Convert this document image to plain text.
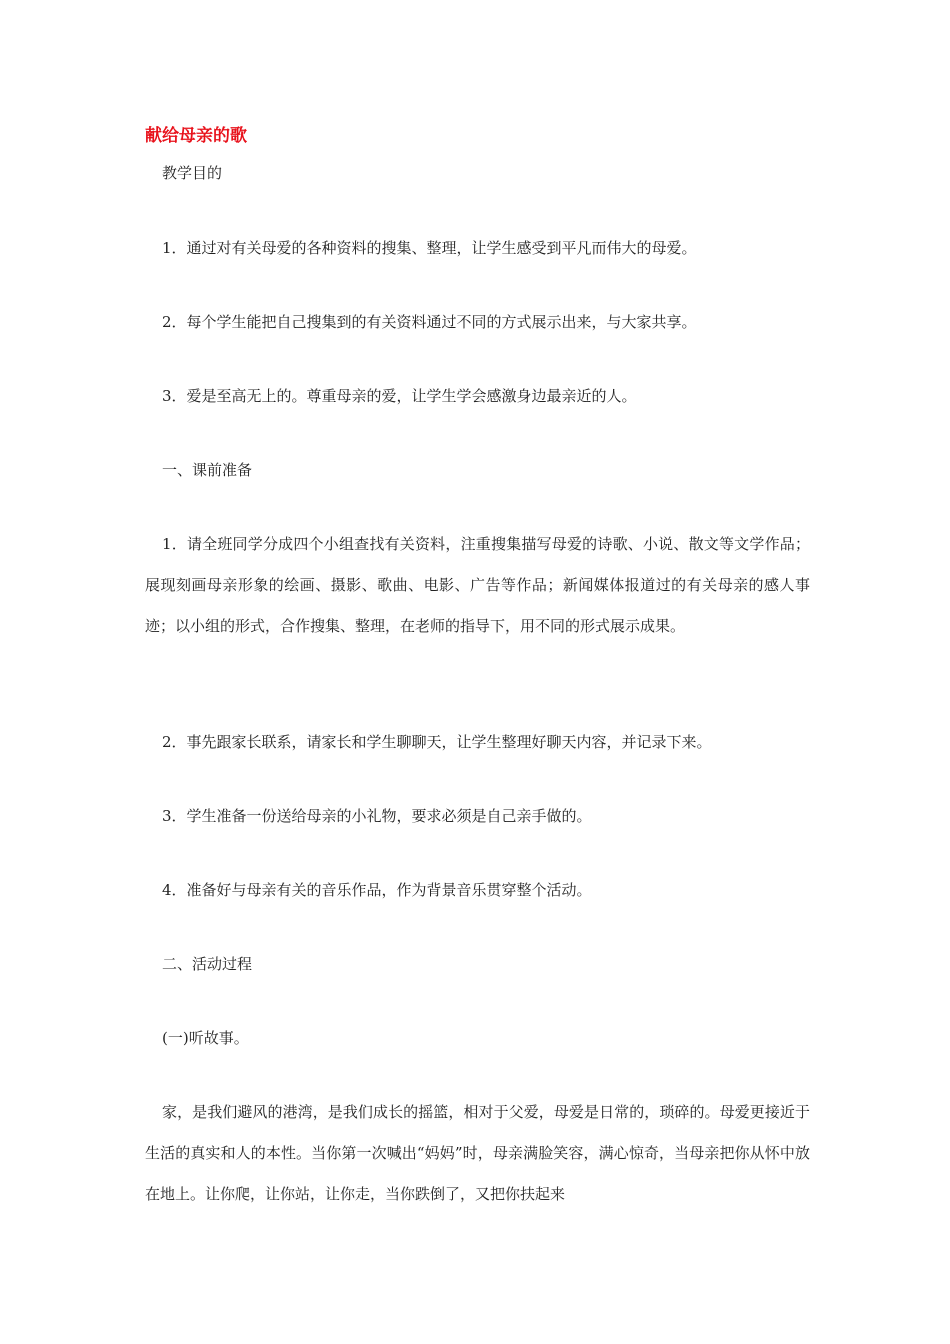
献给母亲的歌

教学目的

1．通过对有关母爱的各种资料的搜集、整理，让学生感受到平凡而伟大的母爱。

2．每个学生能把自己搜集到的有关资料通过不同的方式展示出来，与大家共享。

3．爱是至高无上的。尊重母亲的爱，让学生学会感激身边最亲近的人。

一、课前准备

1．请全班同学分成四个小组查找有关资料，注重搜集描写母爱的诗歌、小说、散文等文学作品；展现刻画母亲形象的绘画、摄影、歌曲、电影、广告等作品；新闻媒体报道过的有关母亲的感人事迹；以小组的形式，合作搜集、整理，在老师的指导下，用不同的形式展示成果。

2．事先跟家长联系，请家长和学生聊聊天，让学生整理好聊天内容，并记录下来。

3．学生准备一份送给母亲的小礼物，要求必须是自己亲手做的。

4．准备好与母亲有关的音乐作品，作为背景音乐贯穿整个活动。

二、活动过程

(一)听故事。

家，是我们避风的港湾，是我们成长的摇篮，相对于父爱，母爱是日常的，琐碎的。母爱更接近于生活的真实和人的本性。当你第一次喊出“妈妈”时，母亲满脸笑容，满心惊奇，当母亲把你从怀中放在地上。让你爬，让你站，让你走，当你跌倒了，又把你扶起来
